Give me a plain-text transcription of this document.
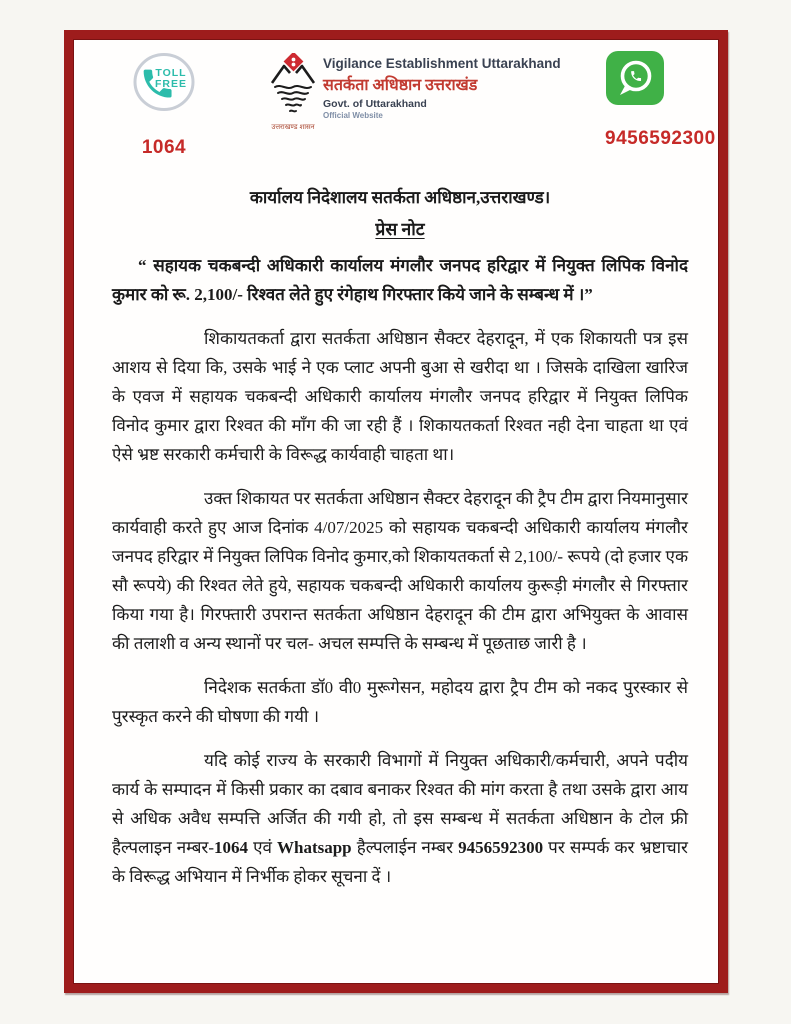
TOLL
FREE
1064
उत्तराखण्ड शासन
Vigilance Establishment Uttarakhand
सतर्कता अधिष्ठान उत्तराखंड
Govt. of Uttarakhand
Official Website
9456592300
कार्यालय निदेशालय सतर्कता अधिष्ठान,उत्तराखण्ड।
प्रेस नोट

“ सहायक चकबन्दी अधिकारी कार्यालय मंगलौर जनपद हरिद्वार में नियुक्त लिपिक विनोद कुमार को रू. 2,100/- रिश्वत लेते हुए रंगेहाथ गिरफ्तार किये जाने के सम्बन्ध में ।”

शिकायतकर्ता द्वारा सतर्कता अधिष्ठान सैक्टर देहरादून, में एक शिकायती पत्र इस आशय से दिया कि, उसके भाई ने एक प्लाट अपनी बुआ से खरीदा था । जिसके दाखिला खारिज के एवज में सहायक चकबन्दी अधिकारी कार्यालय मंगलौर जनपद हरिद्वार में नियुक्त लिपिक विनोद कुमार द्वारा रिश्वत की माँग की जा रही हैं । शिकायतकर्ता रिश्वत नही देना चाहता था एवं ऐसे भ्रष्ट सरकारी कर्मचारी के विरूद्ध कार्यवाही चाहता था।

उक्त शिकायत पर सतर्कता अधिष्ठान सैक्टर देहरादून की ट्रैप टीम द्वारा नियमानुसार कार्यवाही करते हुए आज दिनांक 4/07/2025 को सहायक चकबन्दी अधिकारी कार्यालय मंगलौर जनपद हरिद्वार में नियुक्त लिपिक विनोद कुमार,को शिकायतकर्ता से 2,100/- रूपये (दो हजार एक सौ रूपये) की रिश्वत लेते हुये, सहायक चकबन्दी अधिकारी कार्यालय कुरूड़ी मंगलौर से गिरफ्तार किया गया है। गिरफ्तारी उपरान्त सतर्कता अधिष्ठान देहरादून की टीम द्वारा अभियुक्त के आवास की तलाशी व अन्य स्थानों पर चल- अचल सम्पत्ति के सम्बन्ध में पूछताछ जारी है ।

निदेशक सतर्कता डॉ0 वी0 मुरूगेसन, महोदय द्वारा ट्रैप टीम को नकद पुरस्कार से पुरस्कृत करने की घोषणा की गयी ।

यदि कोई राज्य के सरकारी विभागों में नियुक्त अधिकारी/कर्मचारी, अपने पदीय कार्य के सम्पादन में किसी प्रकार का दबाव बनाकर रिश्वत की मांग करता है तथा उसके द्वारा आय से अधिक अवैध सम्पत्ति अर्जित की गयी हो, तो इस सम्बन्ध में सतर्कता अधिष्ठान के टोल फ्री हैल्पलाइन नम्बर-1064 एवं Whatsapp हैल्पलाईन नम्बर 9456592300 पर सम्पर्क कर भ्रष्टाचार के विरूद्ध अभियान में निर्भीक होकर सूचना दें ।
